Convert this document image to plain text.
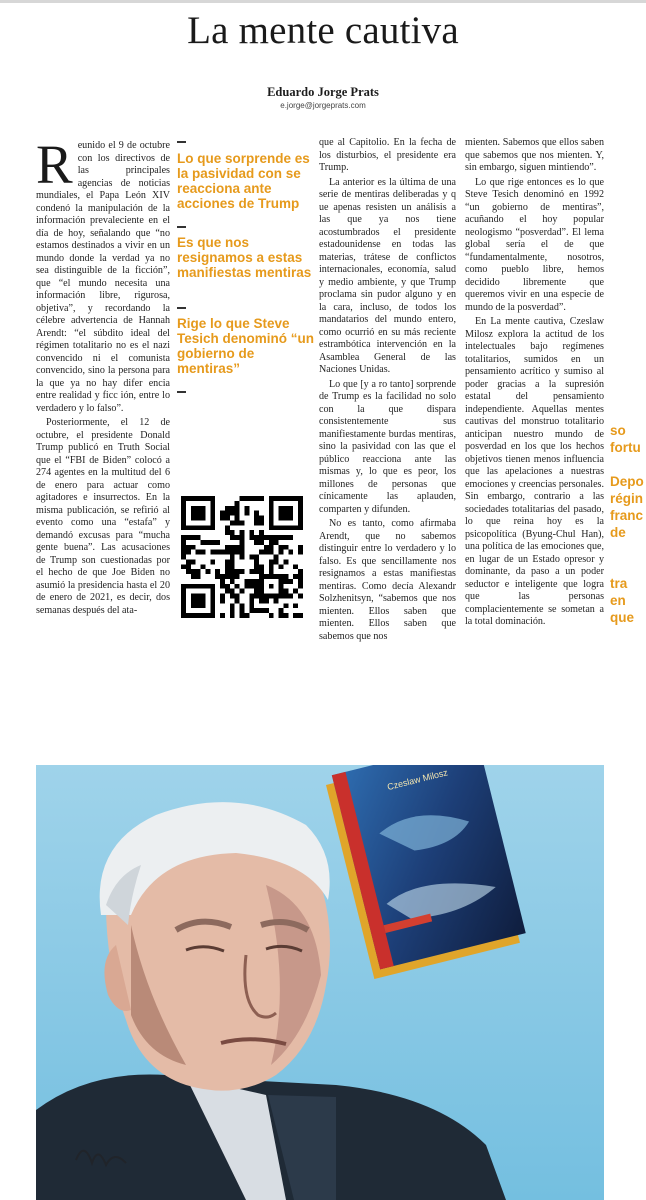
La mente cautiva
Eduardo Jorge Prats
e.jorge@jorgeprats.com

Reunido el 9 de octubre con los directivos de las principales agencias de noticias mundiales, el Papa León XIV condenó la manipulación de la información prevaleciente en el día de hoy, señalando que “no estamos destinados a vivir en un mundo donde la verdad ya no sea distinguible de la ficción”, que “el mundo necesita una información libre, rigurosa, objetiva”, y recordando la célebre advertencia de Hannah Arendt: “el súbdito ideal del régimen totalitario no es el nazi convencido ni el comunista convencido, sino la persona para la que ya no hay difer encia entre realidad y ficc ión, entre lo verdadero y lo falso”.

Posteriormente, el 12 de octubre, el presidente Donald Trump publicó en Truth Social que el “FBI de Biden” colocó a 274 agentes en la multitud del 6 de enero para actuar como agitadores e insurrectos. En la misma publicación, se refirió al evento como una “estafa” y demandó excusas para “mucha gente buena”. Las acusaciones de Trump son cuestionadas por el hecho de que Joe Biden no asumió la presidencia hasta el 20 de enero de 2021, es decir, dos semanas después del ata-

Lo que sorprende es la pasividad con se reacciona ante acciones de Trump
Es que nos resignamos a estas manifiestas mentiras
Rige lo que Steve Tesich denominó “un gobierno de mentiras”

que al Capitolio. En la fecha de los disturbios, el presidente era Trump.

La anterior es la última de una serie de mentiras deliberadas y q ue apenas resisten un análisis a las que ya nos tiene acostumbrados el presidente estadounidense en todas las materias, trátese de conflictos internacionales, economía, salud y medio ambiente, y que Trump proclama sin pudor alguno y en la cara, incluso, de todos los mandatarios del mundo entero, como ocurrió en su más reciente estrambótica intervención en la Asamblea General de las Naciones Unidas.

Lo que [y a ro tanto] sorprende de Trump es la facilidad no solo con la que dispara consistentemente sus manifiestamente burdas mentiras, sino la pasividad con las que el público reacciona ante las mismas y, lo que es peor, los millones de personas que cínicamente las aplauden, comparten y difunden.

No es tanto, como afirmaba Arendt, que no sabemos distinguir entre lo verdadero y lo falso. Es que sencillamente nos resignamos a estas manifiestas mentiras. Como decía Alexandr Solzhenitsyn, “sabemos que nos mienten. Ellos saben que mienten. Ellos saben que sabemos que nos

mienten. Sabemos que ellos saben que sabemos que nos mienten. Y, sin embargo, siguen mintiendo”.

Lo que rige entonces es lo que Steve Tesich denominó en 1992 “un gobierno de mentiras”, acuñando el hoy popular neologismo “posverdad”. El lema global sería el de que “fundamentalmente, nosotros, como pueblo libre, hemos decidido libremente que queremos vivir en una especie de mundo de la posverdad”.

En La mente cautiva, Czeslaw Milosz explora la actitud de los intelectuales bajo regímenes totalitarios, sumidos en un pensamiento acrítico y sumiso al poder gracias a la supresión estatal del pensamiento independiente. Aquellas mentes cautivas del monstruo totalitario anticipan nuestro mundo de posverdad en los que los hechos objetivos tienen menos influencia que las apelaciones a nuestras emociones y creencias personales. Sin embargo, contrario a las sociedades totalitarias del pasado, lo que reina hoy es la psicopolítica (Byung-Chul Han), una política de las emociones que, en lugar de un Estado opresor y dominante, da paso a un poder seductor e inteligente que logra que las personas complacientemente se sometan a la total dominación.

so
fortu
Depo
régin
franc
de
tra
en
que
Czeslaw Milosz
